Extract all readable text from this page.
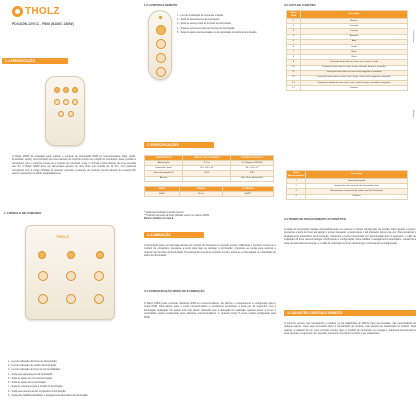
THOLZ
PDX410N-12VCC - P808 (BASIC 180W)
1. APRESENTAÇÃO

O Basic 180W foi projetado para realizar o controle de iluminação RGB ou monocromática (fitas, perfis, luminárias, spots), sincronizando as cores através do controle remoto ou módulo de comandos. Esse produto é compatível com o controle remoto ou o módulo de comando, onde o controle é feito através de uma conexão sem fio. O Basic 180W deve ser alimentado através de uma fonte com tensão de 12 Vcc, com potência compatível com a carga utilizada. É possível estender o alcance do controle remoto através do receptor RF externo (acessório vendido separadamente).

1.1 MÓDULO DE COMANDO
THOLZ
1 - Led de indicação da forma de alimentação;
2 - Led de indicação do estado da iluminação;
3 - Led de indicação do timer de forma habilitado;
4 - Tecla para acionamento da iluminação;
5 - Tecla de ajuste do nível da iluminação;
6 - Tecla de ajuste da temporização;
7 - Tecla de referência para a função de iluminação;
8 - Tecla para referência dos comandos na iluminação;
9 - Tecla para habilitar/desabilitar o desligamento automático da iluminação.
1.2 CONTROLE REMOTO
1 - Led de sinalização de comando enviado;
2 - Tecla de acionamento da iluminação;
3 - Tecla de avanço para as funções de iluminação;
4 - Tecla de retrocesso para as funções de iluminação;
5 - Tecla de ajuste da intensidade ou da velocidade do efeito da iluminação.
2. ESPECIFICAÇÕES
PARÂMETROS	MÓDULO DE COMANDO	CONTROLE REMOTO
Alimentação	12 Vcc	3 V (Bateria CR2032)
Dimensões (mm)	91 x 102 x 35	56 x 115 x 27
Grau de proteção IP	IP10	IP67
Alcance	-	20m (Sem obstáculos)
SAÍDA	TENSÃO	POTÊNCIA
RGB*	12 Vcc	180W**
* Saída para Refletores Anodo Comum.
** Potência depende da fonte utilizada, sendo no máximo 180W.
Mesmo detalhes em item 8.
3. ILUMINAÇÃO

A iluminação pode ser acionada através do módulo de comando ou controle remoto. Utilizando o controle remoto ou o módulo de comandos, pressione a tecla para ligar ou desligar a iluminação, pressione as teclas para avançar e regredir nas funções da iluminação. Pressionando a tecla do controle remoto, altera-se a intensidade ou velocidade do efeito da iluminação.

3.1 CONFIGURAÇÃO MODO DE ILUMINAÇÃO

O Basic 180W pode controlar refletores RGB ou monocromáticos. De fábrica, o equipamento é configurado para o modo RGB. Para alterar para o modo monocromático e novamente pressionar a tecla por 10 segundos com a iluminação desligada. Os quatro leds irão piscar indicando que a alteração foi realizada, quando piscar 4 vezes o controlador estará configurado para refletores monocromáticos, e, quando piscar 5 vezes estará configurado para RGB.

3.2 LISTA DE FUNÇÕES
Modo RGB	Descrição
1	Branco
2	Vermelho
3	Laranja
4	Amarelo
5	Azul
6	Verde
7	Roxo
8	Rosa
9	Transição lenta entre as cores azul, ciano e verde
10	Transição lenta entre as cores verde, amarelo, laranja e vermelho
11	Transição lenta entre as cores azul, magenta e vermelho
12	Transição lenta entre as cores azul, verde, ciano, azul, magenta e vermelho
13	Sequência rápida de cores azul, ciano, verde, laranja, vermelho e magenta
14	Estático
Cores Fixas
Efeitos
Modo Monocromático	Descrição
1	Iluminação ligada
2	Iluminação com variação de intensidade lenta
3	Acionamento sequencial de cada canal de iluminação
4	Estático
3.3 TEMPO DE DESLIGAMENTO AUTOMÁTICO

A saída de iluminação desliga automaticamente ao estourar o tempo configurado na função. Para ajustar o tempo, pressione a tecla do timer até atingir o tempo desejado, a cada toque o led indicador pisca uma vez. Para desativar o desligamento automático da iluminação, mantenha a tecla pressionada por aproximadamente 5 segundos, o LED de indicação do timer deverá desligar confirmando a configuração. Para habilitar o desligamento automático, mantenha a tecla pressionada novamente, e o LED de indicação do timer deverá ligar confirmando a configuração.

4. CADASTRO CONTROLE REMOTO

O controle remoto, que acompanha o produto, já sai cadastrado de fábrica para uso imediato, não necessitando de qualquer ajuste. Caso seja necessário fazer a substituição do controle, este deverá ser cadastrado no módulo. Para realizar o cadastro de um novo controle remoto, ligue o módulo de comandos na energia e mantenha pressionada a tecla durante 2 segundos. Em seguida, pressione a tecla do controle a ser cadastrado.
